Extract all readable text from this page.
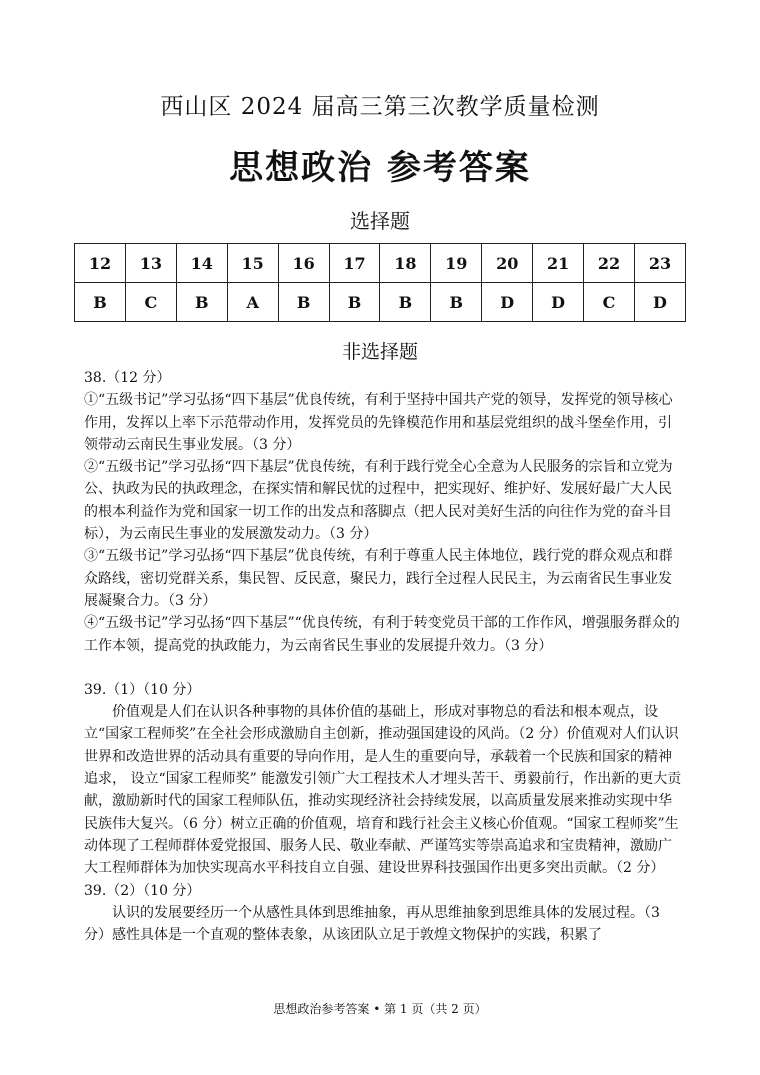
西山区 2024 届高三第三次教学质量检测
思想政治 参考答案
选择题
12	13	14	15	16	17	18	19	20	21	22	23
B	C	B	A	B	B	B	B	D	D	C	D
非选择题

38.（12 分）

①“五级书记”学习弘扬“四下基层”优良传统，有利于坚持中国共产党的领导，发挥党的领导核心作用，发挥以上率下示范带动作用，发挥党员的先锋模范作用和基层党组织的战斗堡垒作用，引领带动云南民生事业发展。（3 分）

②“五级书记”学习弘扬“四下基层”优良传统，有利于践行党全心全意为人民服务的宗旨和立党为公、执政为民的执政理念，在探实情和解民忧的过程中，把实现好、维护好、发展好最广大人民的根本利益作为党和国家一切工作的出发点和落脚点（把人民对美好生活的向往作为党的奋斗目标），为云南民生事业的发展激发动力。（3 分）

③“五级书记”学习弘扬“四下基层”优良传统，有利于尊重人民主体地位，践行党的群众观点和群众路线，密切党群关系，集民智、反民意，聚民力，践行全过程人民民主，为云南省民生事业发展凝聚合力。（3 分）

④“五级书记”学习弘扬“四下基层”“优良传统，有利于转变党员干部的工作作风，增强服务群众的工作本领，提高党的执政能力，为云南省民生事业的发展提升效力。（3 分）

39.（1）（10 分）

价值观是人们在认识各种事物的具体价值的基础上，形成对事物总的看法和根本观点，设立“国家工程师奖”在全社会形成激励自主创新，推动强国建设的风尚。（2 分）价值观对人们认识世界和改造世界的活动具有重要的导向作用，是人生的重要向导，承载着一个民族和国家的精神追求， 设立“国家工程师奖” 能激发引领广大工程技术人才埋头苦干、勇毅前行，作出新的更大贡献，激励新时代的国家工程师队伍，推动实现经济社会持续发展，以高质量发展来推动实现中华民族伟大复兴。（6 分）树立正确的价值观，培育和践行社会主义核心价值观。“国家工程师奖”生动体现了工程师群体爱党报国、服务人民、敬业奉献、严谨笃实等崇高追求和宝贵精神，激励广大工程师群体为加快实现高水平科技自立自强、建设世界科技强国作出更多突出贡献。（2 分）

39.（2）（10 分）

认识的发展要经历一个从感性具体到思维抽象，再从思维抽象到思维具体的发展过程。（3 分）感性具体是一个直观的整体表象，从该团队立足于敦煌文物保护的实践，积累了

思想政治参考答案 • 第 1 页（共 2 页）
